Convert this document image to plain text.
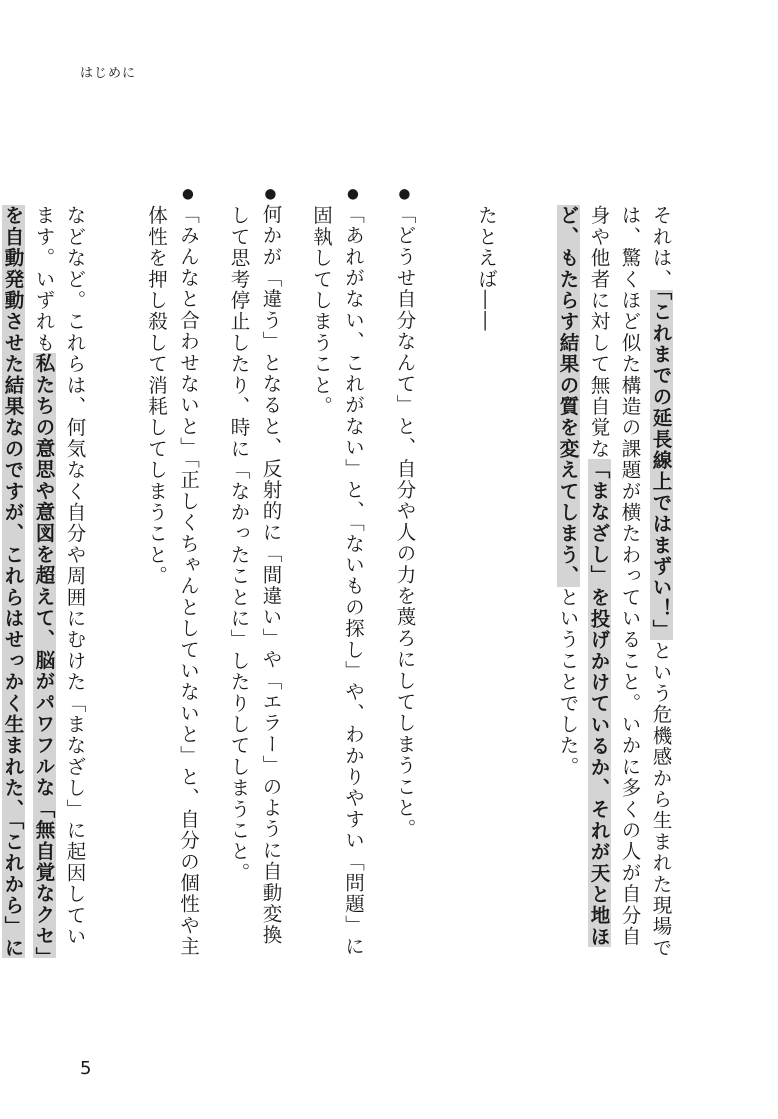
はじめに

それは、「これまでの延長線上ではまずい！」という危機感から生まれた現場では、驚くほど似た構造の課題が横たわっていること。いかに多くの人が自分自身や他者に対して無自覚な「まなざし」を投げかけているか、それが天と地ほど、もたらす結果の質を変えてしまう、ということでした。

たとえば――

● 「どうせ自分なんて」と、自分や人の力を蔑ろにしてしまうこと。

● 「あれがない、これがない」と、「ないもの探し」や、わかりやすい「問題」に固執してしまうこと。

● 何かが「違う」となると、反射的に「間違い」や「エラー」のように自動変換して思考停止したり、時に「なかったことに」したりしてしまうこと。

● 「みんなと合わせないと」「正しくちゃんとしていないと」と、自分の個性や主体性を押し殺して消耗してしまうこと。

などなど。これらは、何気なく自分や周囲にむけた「まなざし」に起因しています。いずれも私たちの意思や意図を超えて、脳がパワフルな「無自覚なクセ」を自動発動させた結果なのですが、これらはせっかく生まれた、「これから」に

5
